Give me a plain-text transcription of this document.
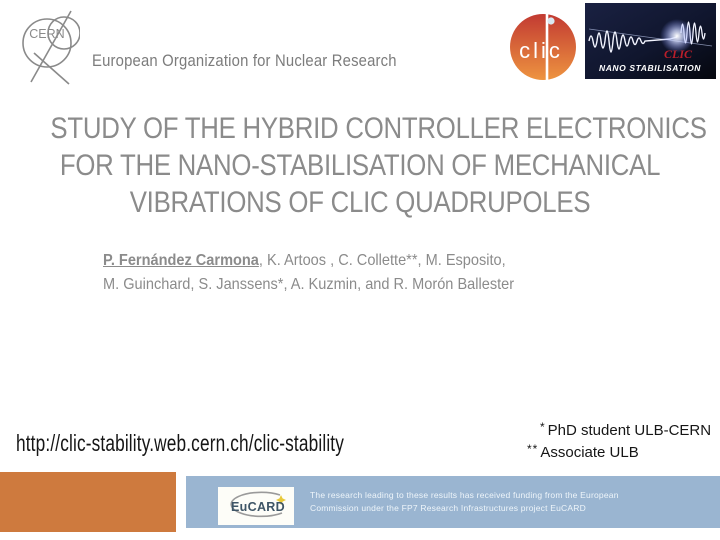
CERN
European Organization for Nuclear Research	clic	CLIC
NANO STABILISATION
STUDY OF THE HYBRID CONTROLLER ELECTRONICS
FOR THE NANO-STABILISATION OF MECHANICAL
VIBRATIONS OF CLIC QUADRUPOLES
P. Fernández Carmona, K. Artoos , C. Collette**, M. Esposito,
M. Guinchard, S. Janssens*, A. Kuzmin, and R. Morón Ballester
http://clic-stability.web.cern.ch/clic-stability
* PhD student ULB-CERN
** Associate ULB
EuCARD
The research leading to these results has received funding from the European
Commission under the FP7 Research Infrastructures project EuCARD
